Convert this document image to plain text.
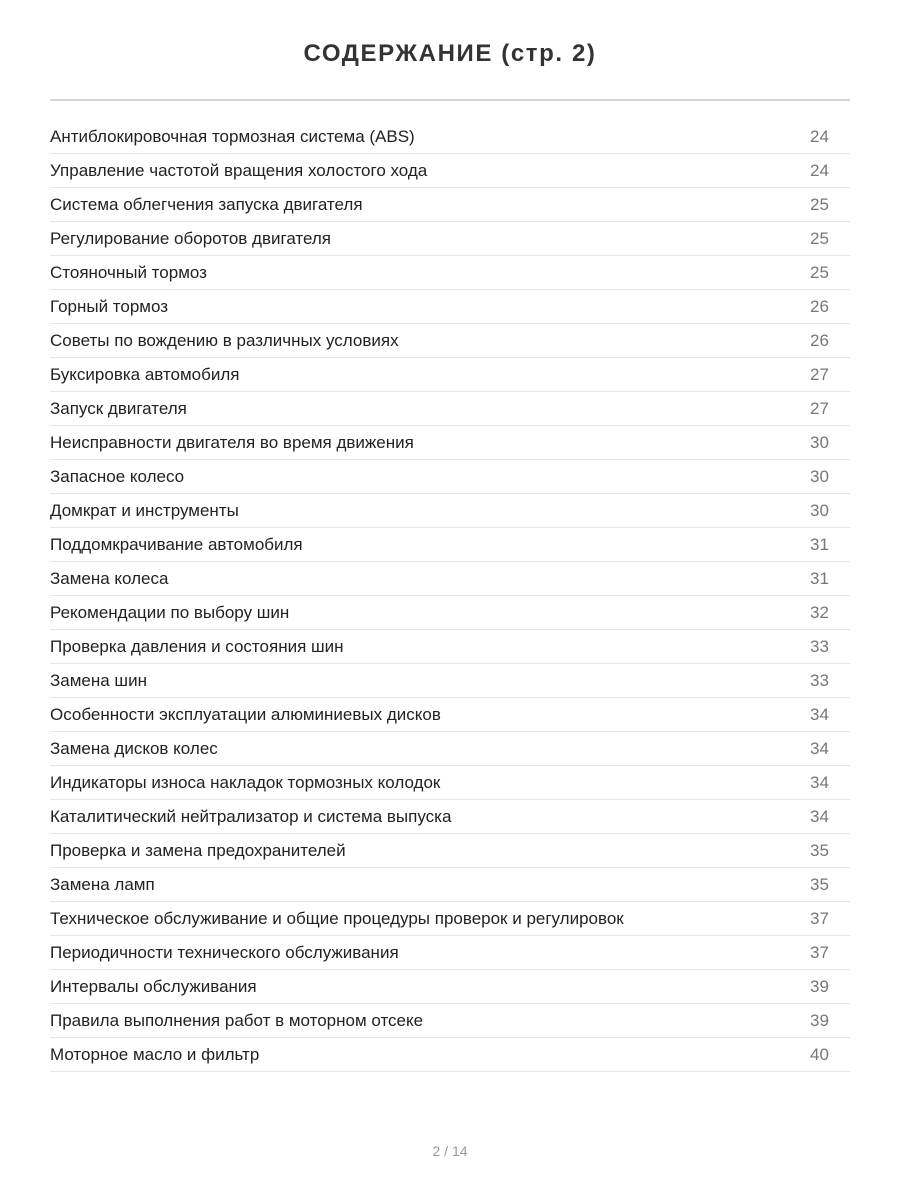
СОДЕРЖАНИЕ (стр. 2)
Антиблокировочная тормозная система (ABS)	24
Управление частотой вращения холостого хода	24
Система облегчения запуска двигателя	25
Регулирование оборотов двигателя	25
Стояночный тормоз	25
Горный тормоз	26
Советы по вождению в различных условиях	26
Буксировка автомобиля	27
Запуск двигателя	27
Неисправности двигателя во время движения	30
Запасное колесо	30
Домкрат и инструменты	30
Поддомкрачивание автомобиля	31
Замена колеса	31
Рекомендации по выбору шин	32
Проверка давления и состояния шин	33
Замена шин	33
Особенности эксплуатации алюминиевых дисков	34
Замена дисков колес	34
Индикаторы износа накладок тормозных колодок	34
Каталитический нейтрализатор и система выпуска	34
Проверка и замена предохранителей	35
Замена ламп	35
Техническое обслуживание и общие процедуры проверок и регулировок	37
Периодичности технического обслуживания	37
Интервалы обслуживания	39
Правила выполнения работ в моторном отсеке	39
Моторное масло и фильтр	40
2 / 14
